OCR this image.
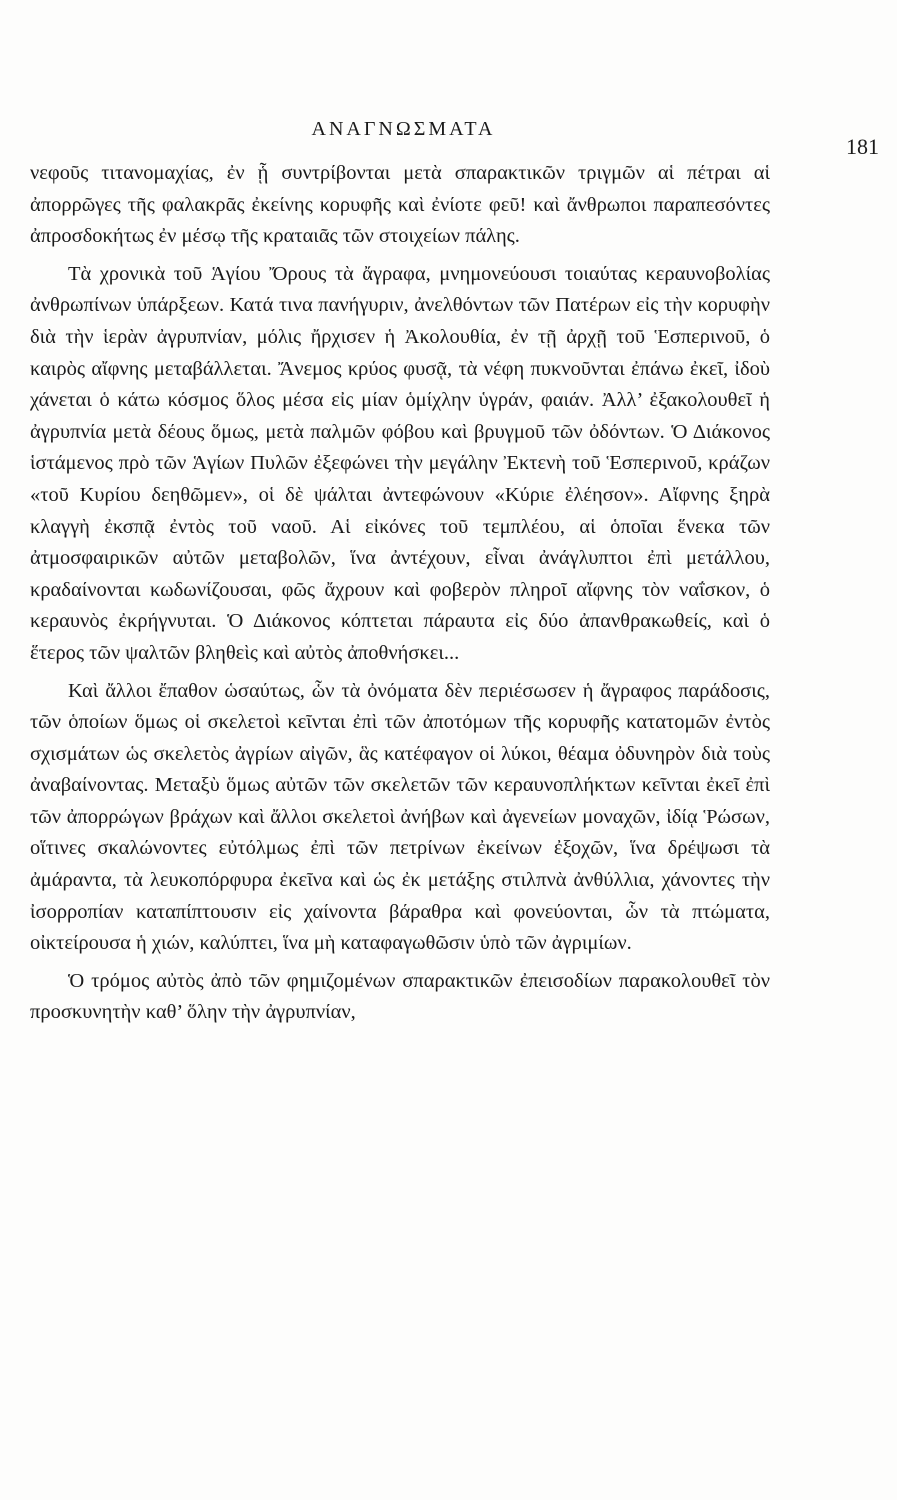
ΑΝΑΓΝΩΣΜΑΤΑ
181

νεφοῦς τιτανομαχίας, ἐν ᾗ συντρίβονται μετὰ σπαρακτικῶν τριγμῶν αἱ πέτραι αἱ ἀπορρῶγες τῆς φαλακρᾶς ἐκείνης κορυφῆς καὶ ἐνίοτε φεῦ! καὶ ἄνθρωποι παραπεσόντες ἀπροσδοκήτως ἐν μέσῳ τῆς κραταιᾶς τῶν στοιχείων πάλης.

Τὰ χρονικὰ τοῦ Ἁγίου Ὄρους τὰ ἄγραφα, μνημονεύουσι τοιαύτας κεραυνοβολίας ἀνθρωπίνων ὑπάρξεων. Κατά τινα πανήγυριν, ἀνελθόντων τῶν Πατέρων εἰς τὴν κορυφὴν διὰ τὴν ἱερὰν ἀγρυπνίαν, μόλις ἤρχισεν ἡ Ἀκολουθία, ἐν τῇ ἀρχῇ τοῦ Ἑσπερινοῦ, ὁ καιρὸς αἴφνης μεταβάλλεται. Ἄνεμος κρύος φυσᾷ, τὰ νέφη πυκνοῦνται ἐπάνω ἐκεῖ, ἰδοὺ χάνεται ὁ κάτω κόσμος ὅλος μέσα εἰς μίαν ὁμίχλην ὑγράν, φαιάν. Ἀλλ’ ἐξακολουθεῖ ἡ ἀγρυπνία μετὰ δέους ὅμως, μετὰ παλμῶν φόβου καὶ βρυγμοῦ τῶν ὀδόντων. Ὁ Διάκονος ἱστάμενος πρὸ τῶν Ἁγίων Πυλῶν ἐξεφώνει τὴν μεγάλην Ἐκτενὴ τοῦ Ἑσπερινοῦ, κράζων «τοῦ Κυρίου δεηθῶμεν», οἱ δὲ ψάλται ἀντεφώνουν «Κύριε ἐλέησον». Αἴφνης ξηρὰ κλαγγὴ ἐκσπᾷ ἐντὸς τοῦ ναοῦ. Αἱ εἰκόνες τοῦ τεμπλέου, αἱ ὁποῖαι ἕνεκα τῶν ἀτμοσφαιρικῶν αὐτῶν μεταβολῶν, ἵνα ἀντέχουν, εἶναι ἀνάγλυπτοι ἐπὶ μετάλλου, κραδαίνονται κωδωνίζουσαι, φῶς ἄχρουν καὶ φοβερὸν πληροῖ αἴφνης τὸν ναΐσκον, ὁ κεραυνὸς ἐκρήγνυται. Ὁ Διάκονος κόπτεται πάραυτα εἰς δύο ἀπανθρακωθείς, καὶ ὁ ἕτερος τῶν ψαλτῶν βληθεὶς καὶ αὐτὸς ἀποθνήσκει...

Καὶ ἄλλοι ἔπαθον ὡσαύτως, ὧν τὰ ὀνόματα δὲν περιέσωσεν ἡ ἄγραφος παράδοσις, τῶν ὁποίων ὅμως οἱ σκελετοὶ κεῖνται ἐπὶ τῶν ἀποτόμων τῆς κορυφῆς κατατομῶν ἐντὸς σχισμάτων ὡς σκελετὸς ἀγρίων αἰγῶν, ἃς κατέφαγον οἱ λύκοι, θέαμα ὀδυνηρὸν διὰ τοὺς ἀναβαίνοντας. Μεταξὺ ὅμως αὐτῶν τῶν σκελετῶν τῶν κεραυνοπλήκτων κεῖνται ἐκεῖ ἐπὶ τῶν ἀπορρώγων βράχων καὶ ἄλλοι σκελετοὶ ἀνήβων καὶ ἀγενείων μοναχῶν, ἰδίᾳ Ῥώσων, οἵτινες σκαλώνοντες εὐτόλμως ἐπὶ τῶν πετρίνων ἐκείνων ἐξοχῶν, ἵνα δρέψωσι τὰ ἀμάραντα, τὰ λευκοπόρφυρα ἐκεῖνα καὶ ὡς ἐκ μετάξης στιλπνὰ ἀνθύλλια, χάνοντες τὴν ἰσορροπίαν καταπίπτουσιν εἰς χαίνοντα βάραθρα καὶ φονεύονται, ὧν τὰ πτώματα, οἰκτείρουσα ἡ χιών, καλύπτει, ἵνα μὴ καταφαγωθῶσιν ὑπὸ τῶν ἀγριμίων.

Ὁ τρόμος αὐτὸς ἀπὸ τῶν φημιζομένων σπαρακτικῶν ἐπεισοδίων παρακολουθεῖ τὸν προσκυνητὴν καθ’ ὅλην τὴν ἀγρυπνίαν,
